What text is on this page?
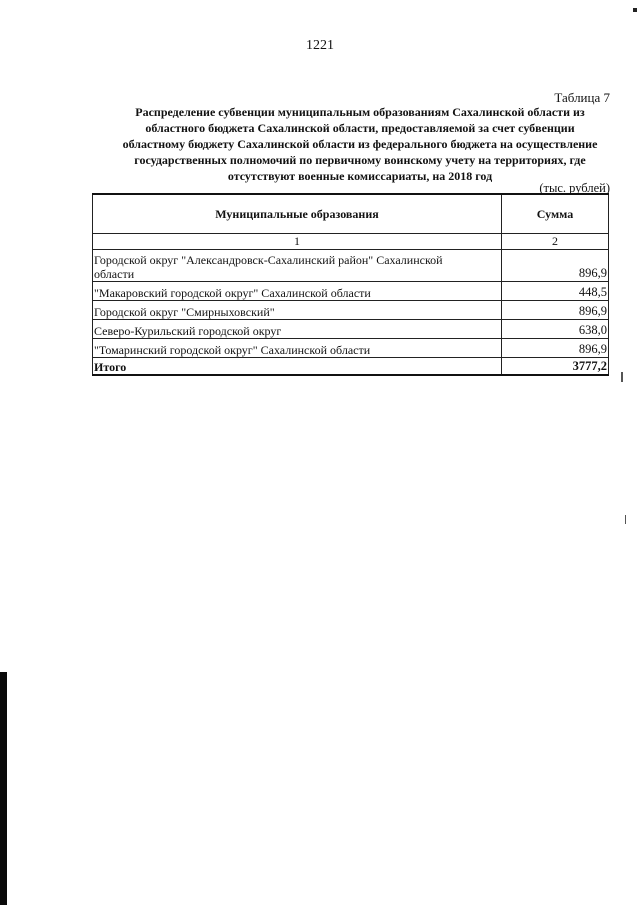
1221
Таблица 7
Распределение субвенции муниципальным образованиям Сахалинской области из
областного бюджета Сахалинской области, предоставляемой за счет субвенции
областному бюджету Сахалинской области из федерального бюджета на осуществление
государственных полномочий по первичному воинскому учету на территориях, где
отсутствуют военные комиссариаты, на 2018 год
(тыс. рублей)
Муниципальные образования	Сумма
1	2

Городской округ "Александровск-Сахалинский район" Сахалинской
области	896,9
"Макаровский городской округ" Сахалинской области	448,5
Городской округ "Смирныховский"	896,9
Северо-Курильский городской округ	638,0
"Томаринский городской округ" Сахалинской области	896,9
Итого	3777,2
